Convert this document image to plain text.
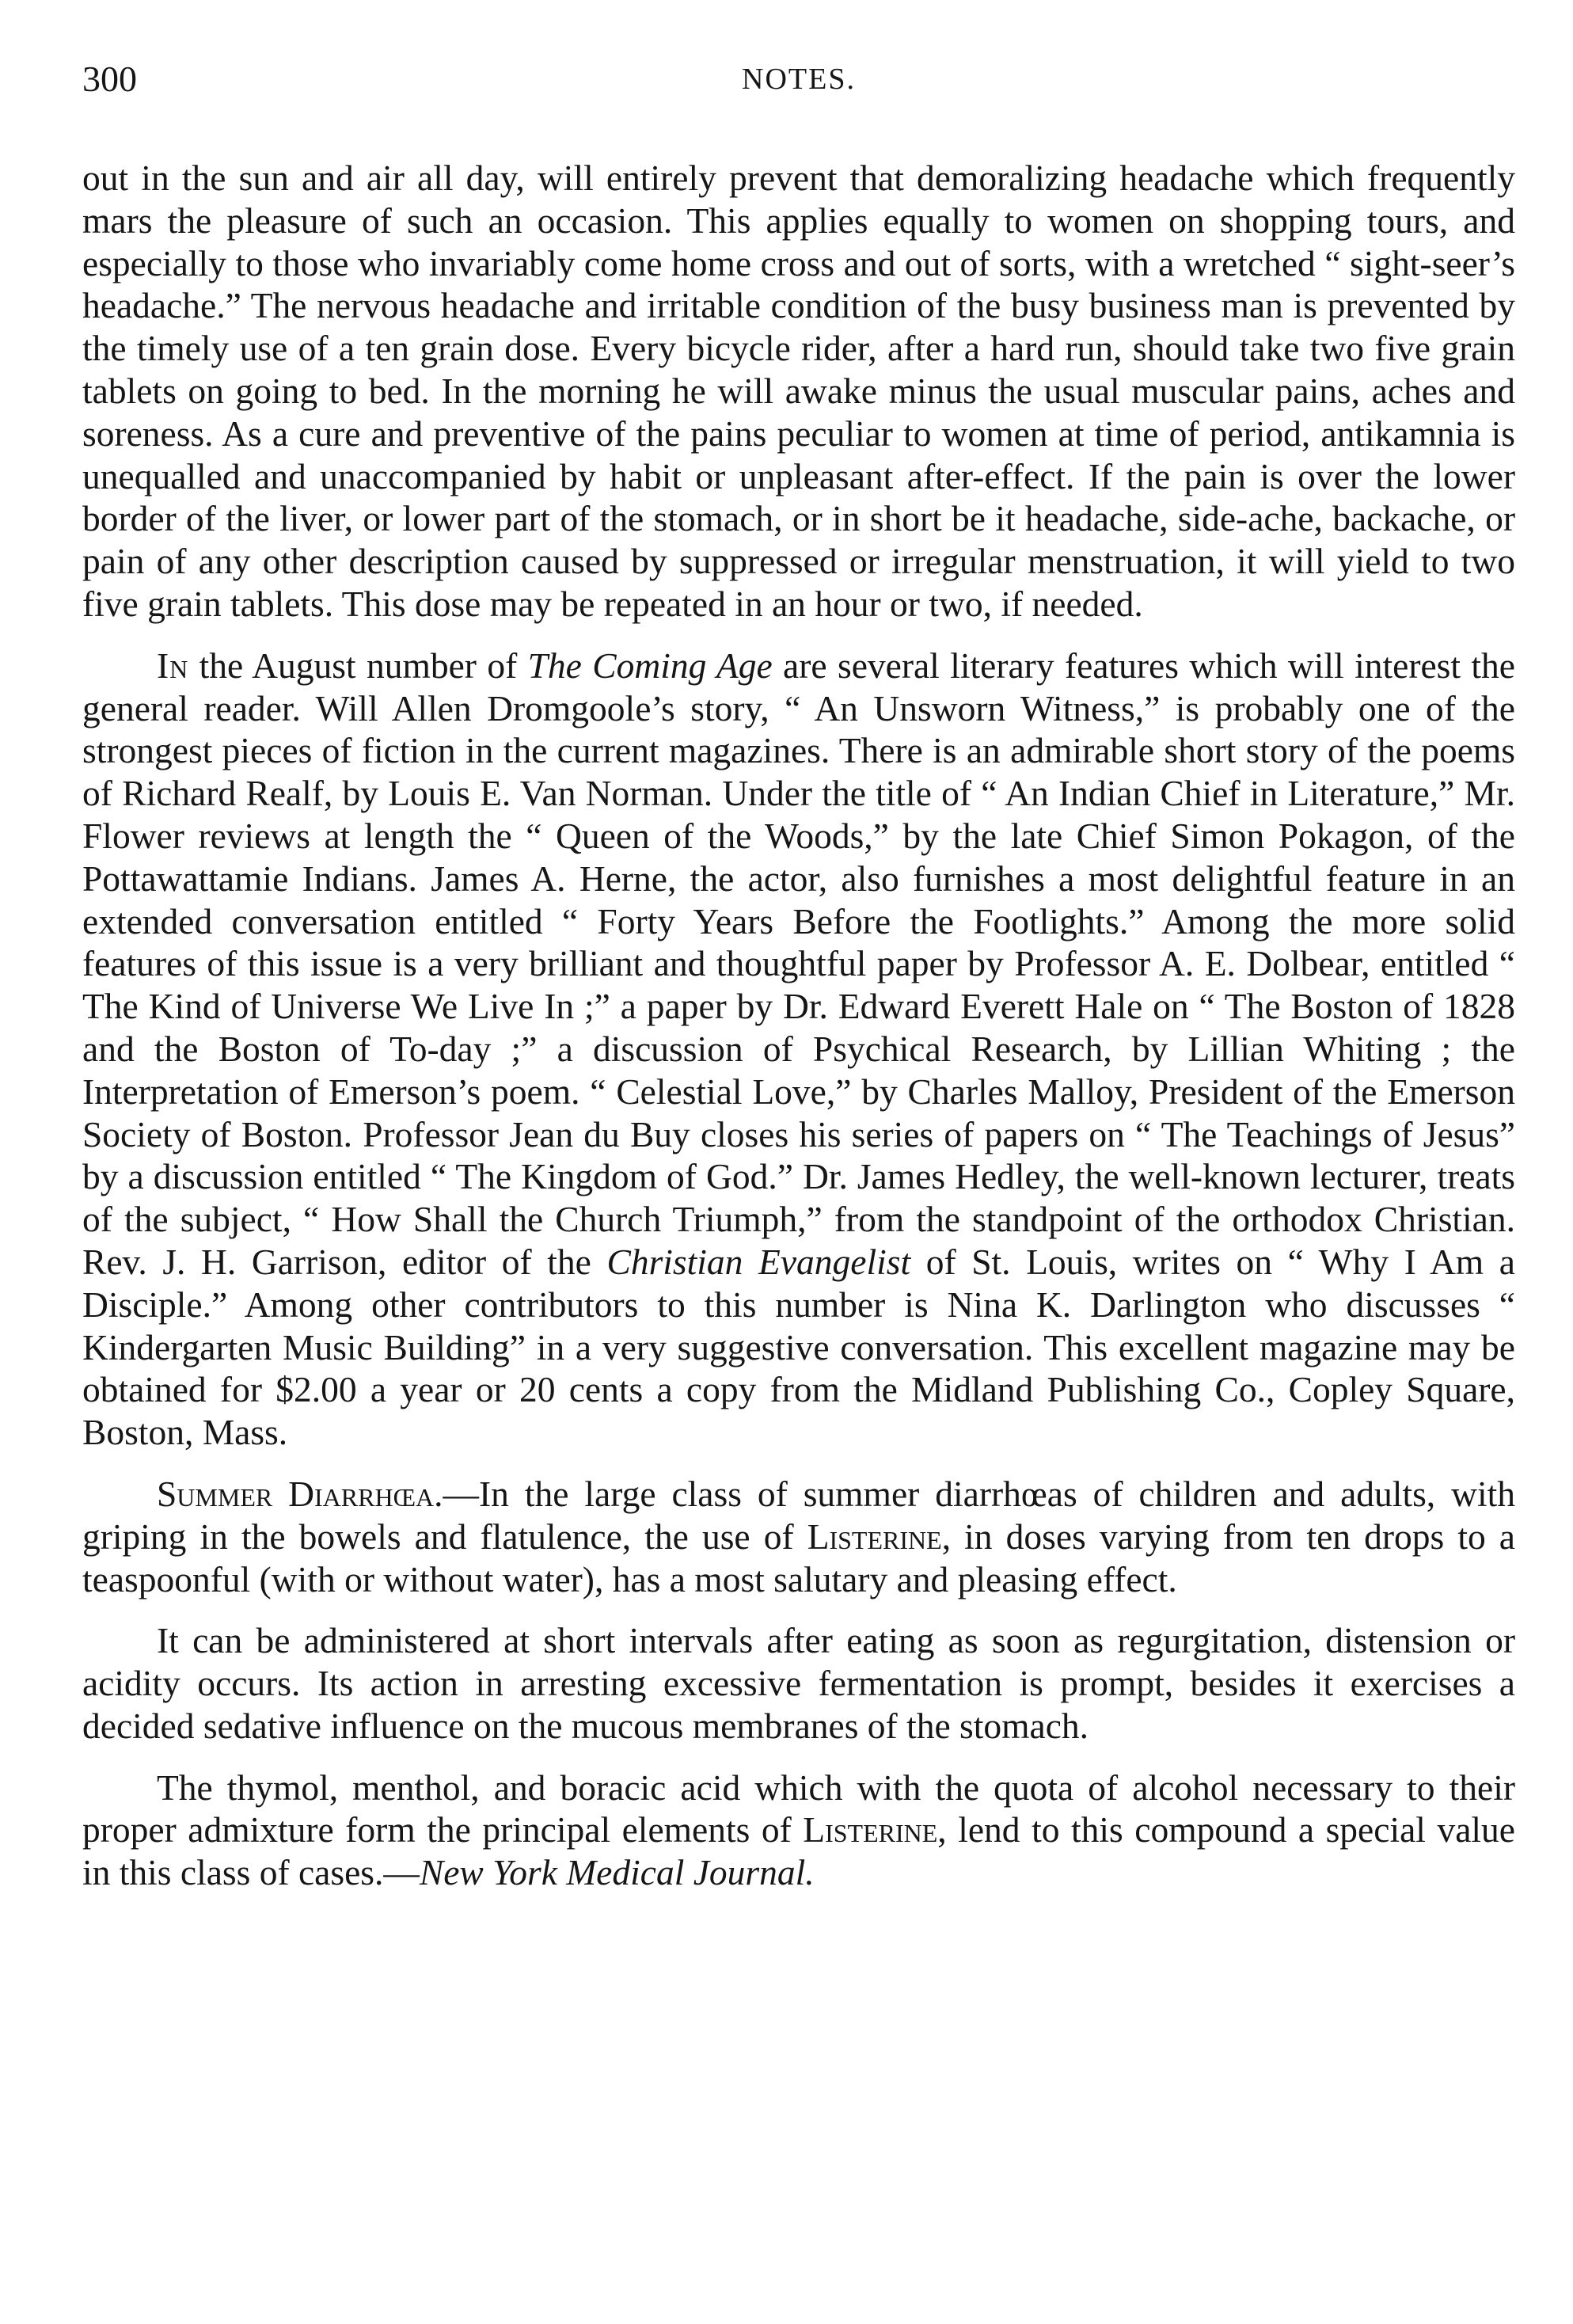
300	NOTES.

out in the sun and air all day, will entirely prevent that demoralizing headache which frequently mars the pleasure of such an occasion. This applies equally to women on shopping tours, and especially to those who invariably come home cross and out of sorts, with a wretched “ sight-seer’s headache.” The nervous headache and irritable condition of the busy business man is prevented by the timely use of a ten grain dose. Every bicycle rider, after a hard run, should take two five grain tablets on going to bed. In the morning he will awake minus the usual muscular pains, aches and soreness. As a cure and preventive of the pains peculiar to women at time of period, antikamnia is unequalled and unaccompanied by habit or unpleasant after-effect. If the pain is over the lower border of the liver, or lower part of the stomach, or in short be it headache, side-ache, backache, or pain of any other description caused by suppressed or irregular menstruation, it will yield to two five grain tablets. This dose may be repeated in an hour or two, if needed.

In the August number of The Coming Age are several literary features which will interest the general reader. Will Allen Dromgoole’s story, “ An Unsworn Witness,” is probably one of the strongest pieces of fiction in the current magazines. There is an admirable short story of the poems of Richard Realf, by Louis E. Van Norman. Under the title of “ An Indian Chief in Literature,” Mr. Flower reviews at length the “ Queen of the Woods,” by the late Chief Simon Pokagon, of the Pottawattamie Indians. James A. Herne, the actor, also furnishes a most delightful feature in an extended conversation entitled “ Forty Years Before the Footlights.” Among the more solid features of this issue is a very brilliant and thoughtful paper by Professor A. E. Dolbear, entitled “ The Kind of Universe We Live In ;” a paper by Dr. Edward Everett Hale on “ The Boston of 1828 and the Boston of To-day ;” a discussion of Psychical Research, by Lillian Whiting ; the Interpretation of Emerson’s poem. “ Celestial Love,” by Charles Malloy, President of the Emerson Society of Boston. Professor Jean du Buy closes his series of papers on “ The Teachings of Jesus” by a discussion entitled “ The Kingdom of God.” Dr. James Hedley, the well-known lecturer, treats of the subject, “ How Shall the Church Triumph,” from the standpoint of the orthodox Christian. Rev. J. H. Garrison, editor of the Christian Evangelist of St. Louis, writes on “ Why I Am a Disciple.” Among other contributors to this number is Nina K. Darlington who discusses “ Kindergarten Music Building” in a very suggestive conversation. This excellent magazine may be obtained for $2.00 a year or 20 cents a copy from the Midland Publishing Co., Copley Square, Boston, Mass.

Summer Diarrhœa.—In the large class of summer diarrhœas of children and adults, with griping in the bowels and flatulence, the use of Listerine, in doses varying from ten drops to a teaspoonful (with or without water), has a most salutary and pleasing effect.

It can be administered at short intervals after eating as soon as regurgitation, distension or acidity occurs. Its action in arresting excessive fermentation is prompt, besides it exercises a decided sedative influence on the mucous membranes of the stomach.

The thymol, menthol, and boracic acid which with the quota of alcohol necessary to their proper admixture form the principal elements of Listerine, lend to this compound a special value in this class of cases.—New York Medical Journal.
